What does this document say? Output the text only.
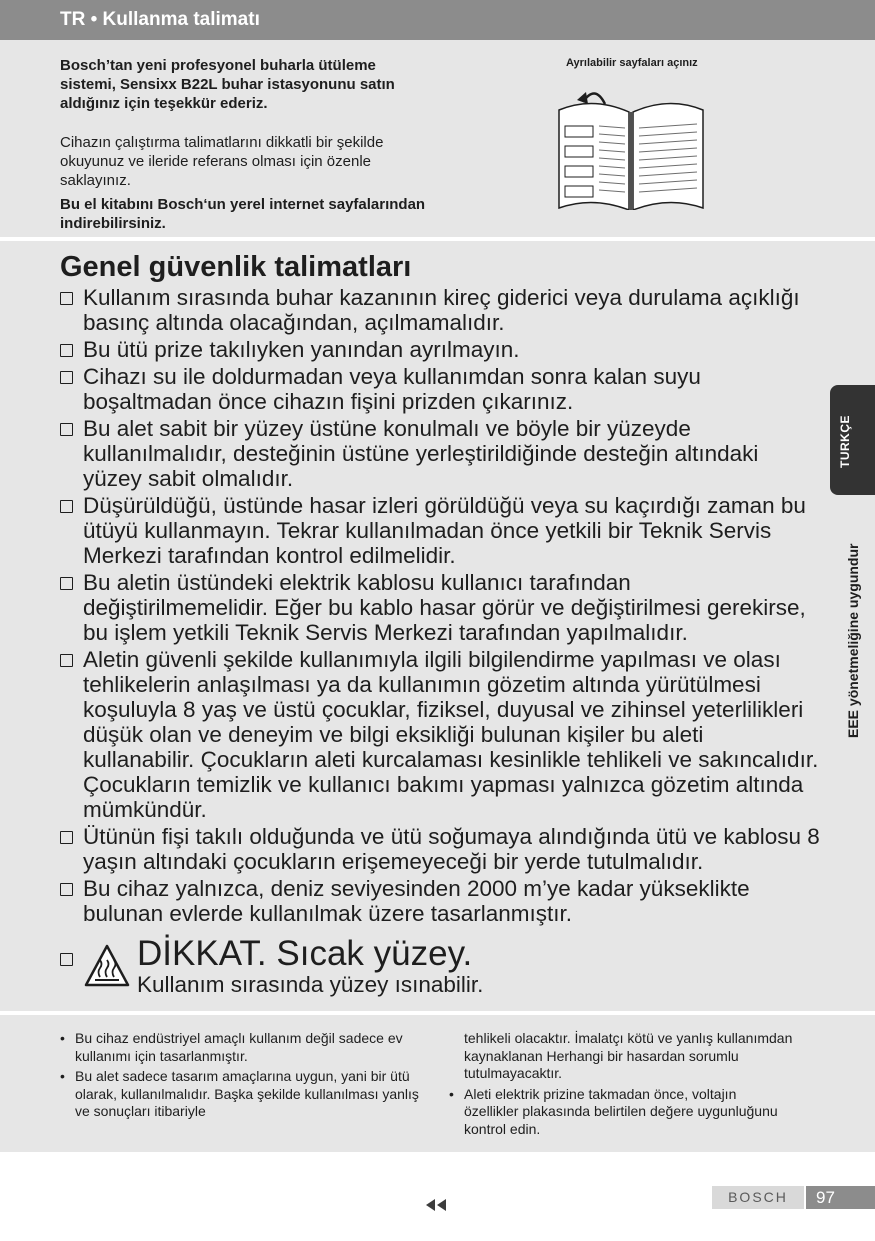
TR • Kullanma talimatı

Bosch’tan yeni profesyonel buharla ütüleme sistemi, Sensixx B22L buhar istasyonunu satın aldığınız için teşekkür ederiz.

Cihazın çalıştırma talimatlarını dikkatli bir şekilde okuyunuz ve ileride referans olması için özenle saklayınız.

Bu el kitabını Bosch‘un yerel internet sayfalarından indirebilirsiniz.

Ayrılabilir sayfaları açınız
Genel güvenlik talimatları
Kullanım sırasında buhar kazanının kireç giderici veya durulama açıklığı basınç altında olacağından, açılmamalıdır.
Bu ütü prize takılıyken yanından ayrılmayın.
Cihazı su ile doldurmadan veya kullanımdan sonra kalan suyu boşaltmadan önce cihazın fişini prizden çıkarınız.
Bu alet sabit bir yüzey üstüne konulmalı ve böyle bir yüzeyde kullanılmalıdır, desteğinin üstüne yerleştirildiğinde desteğin altındaki yüzey sabit olmalıdır.
Düşürüldüğü, üstünde hasar izleri görüldüğü veya su kaçırdığı zaman bu ütüyü kullanmayın. Tekrar kullanılmadan önce yetkili bir Teknik Servis Merkezi tarafından kontrol edilmelidir.
Bu aletin üstündeki elektrik kablosu kullanıcı tarafından değiştirilmemelidir. Eğer bu kablo hasar görür ve değiştirilmesi gerekirse, bu işlem yetkili Teknik Servis Merkezi tarafından yapılmalıdır.
Aletin güvenli şekilde kullanımıyla ilgili bilgilendirme yapılması ve olası tehlikelerin anlaşılması ya da kullanımın gözetim altında yürütülmesi koşuluyla 8 yaş ve üstü çocuklar, fiziksel, duyusal ve zihinsel yeterlilikleri düşük olan ve deneyim ve bilgi eksikliği bulunan kişiler bu aleti kullanabilir. Çocukların aleti kurcalaması kesinlikle tehlikeli ve sakıncalıdır. Çocukların temizlik ve kullanıcı bakımı yapması yalnızca gözetim altında mümkündür.
Ütünün fişi takılı olduğunda ve ütü soğumaya alındığında ütü ve kablosu 8 yaşın altındaki çocukların erişemeyeceği bir yerde tutulmalıdır.
Bu cihaz yalnızca, deniz seviyesinden 2000 m’ye kadar yükseklikte bulunan evlerde kullanılmak üzere tasarlanmıştır.
DİKKAT. Sıcak yüzey.
Kullanım sırasında yüzey ısınabilir.
• Bu cihaz endüstriyel amaçlı kullanım değil sadece ev kullanımı için tasarlanmıştır.
• Bu alet sadece tasarım amaçlarına uygun, yani bir ütü olarak, kullanılmalıdır. Başka şekilde kullanılması yanlış ve sonuçları itibariyle
tehlikeli olacaktır. İmalatçı kötü ve yanlış kullanımdan kaynaklanan Herhangi bir hasardan sorumlu tutulmayacaktır.
• Aleti elektrik prizine takmadan önce, voltajın özellikler plakasında belirtilen değere uygunluğunu kontrol edin.
TURKÇE
EEE yönetmeliğine uygundur
BOSCH	97
